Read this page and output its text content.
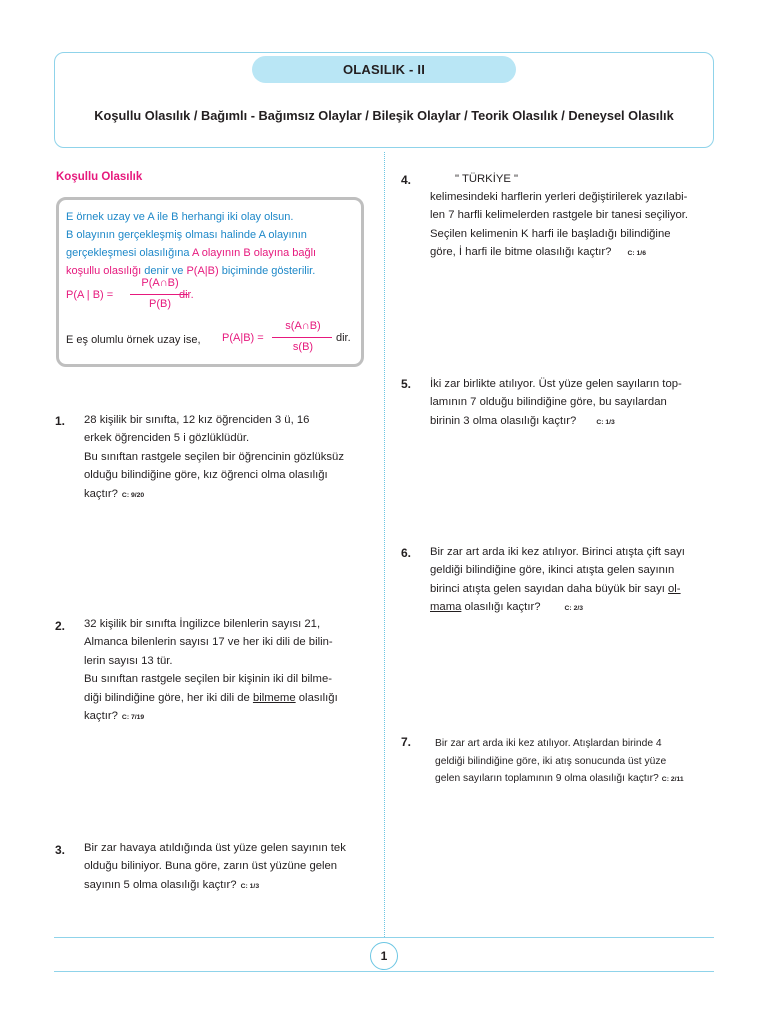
OLASILIK - II
Koşullu Olasılık / Bağımlı - Bağımsız Olaylar / Bileşik Olaylar / Teorik Olasılık / Deneysel Olasılık
Koşullu Olasılık
E örnek uzay ve A ile B herhangi iki olay olsun.
B olayının gerçekleşmiş olması halinde A olayının
gerçekleşmesi olasılığına A olayının B olayına bağlı
koşullu olasılığı denir ve P(A|B) biçiminde gösterilir.
P(A | B) =
P(A∩B)
P(B)
dir.
E eş olumlu örnek uzay ise, P(A|B) =
s(A∩B)
s(B)
dir.
1. 28 kişilik bir sınıfta, 12 kız öğrenciden 3 ü, 16
erkek öğrenciden 5 i gözlüklüdür.
Bu sınıftan rastgele seçilen bir öğrencinin gözlüksüz
olduğu bilindiğine göre, kız öğrenci olma olasılığı
kaçtır? C: 9/20
2. 32 kişilik bir sınıfta İngilizce bilenlerin sayısı 21,
Almanca bilenlerin sayısı 17 ve her iki dili de bilin-
lerin sayısı 13 tür.
Bu sınıftan rastgele seçilen bir kişinin iki dil bilme-
diği bilindiğine göre, her iki dili de bilmeme olasılığı
kaçtır? C: 7/19
3. Bir zar havaya atıldığında üst yüze gelen sayının tek
olduğu biliniyor. Buna göre, zarın üst yüzüne gelen
sayının 5 olma olasılığı kaçtır? C: 1/3
4.	" TÜRKİYE "
kelimesindeki harflerin yerleri değiştirilerek yazılabi-
len 7 harfli kelimelerden rastgele bir tanesi seçiliyor.
Seçilen kelimenin K harfi ile başladığı bilindiğine
göre, İ harfi ile bitme olasılığı kaçtır? C: 1/6
5. İki zar birlikte atılıyor. Üst yüze gelen sayıların top-
lamının 7 olduğu bilindiğine göre, bu sayılardan
birinin 3 olma olasılığı kaçtır?	C: 1/3
6. Bir zar art arda iki kez atılıyor. Birinci atışta çift sayı
geldiği bilindiğine göre, ikinci atışta gelen sayının
birinci atışta gelen sayıdan daha büyük bir sayı ol-
mama olasılığı kaçtır?	C: 2/3
7. Bir zar art arda iki kez atılıyor. Atışlardan birinde 4
geldiği bilindiğine göre, iki atış sonucunda üst yüze
gelen sayıların toplamının 9 olma olasılığı kaçtır? C: 2/11
1
